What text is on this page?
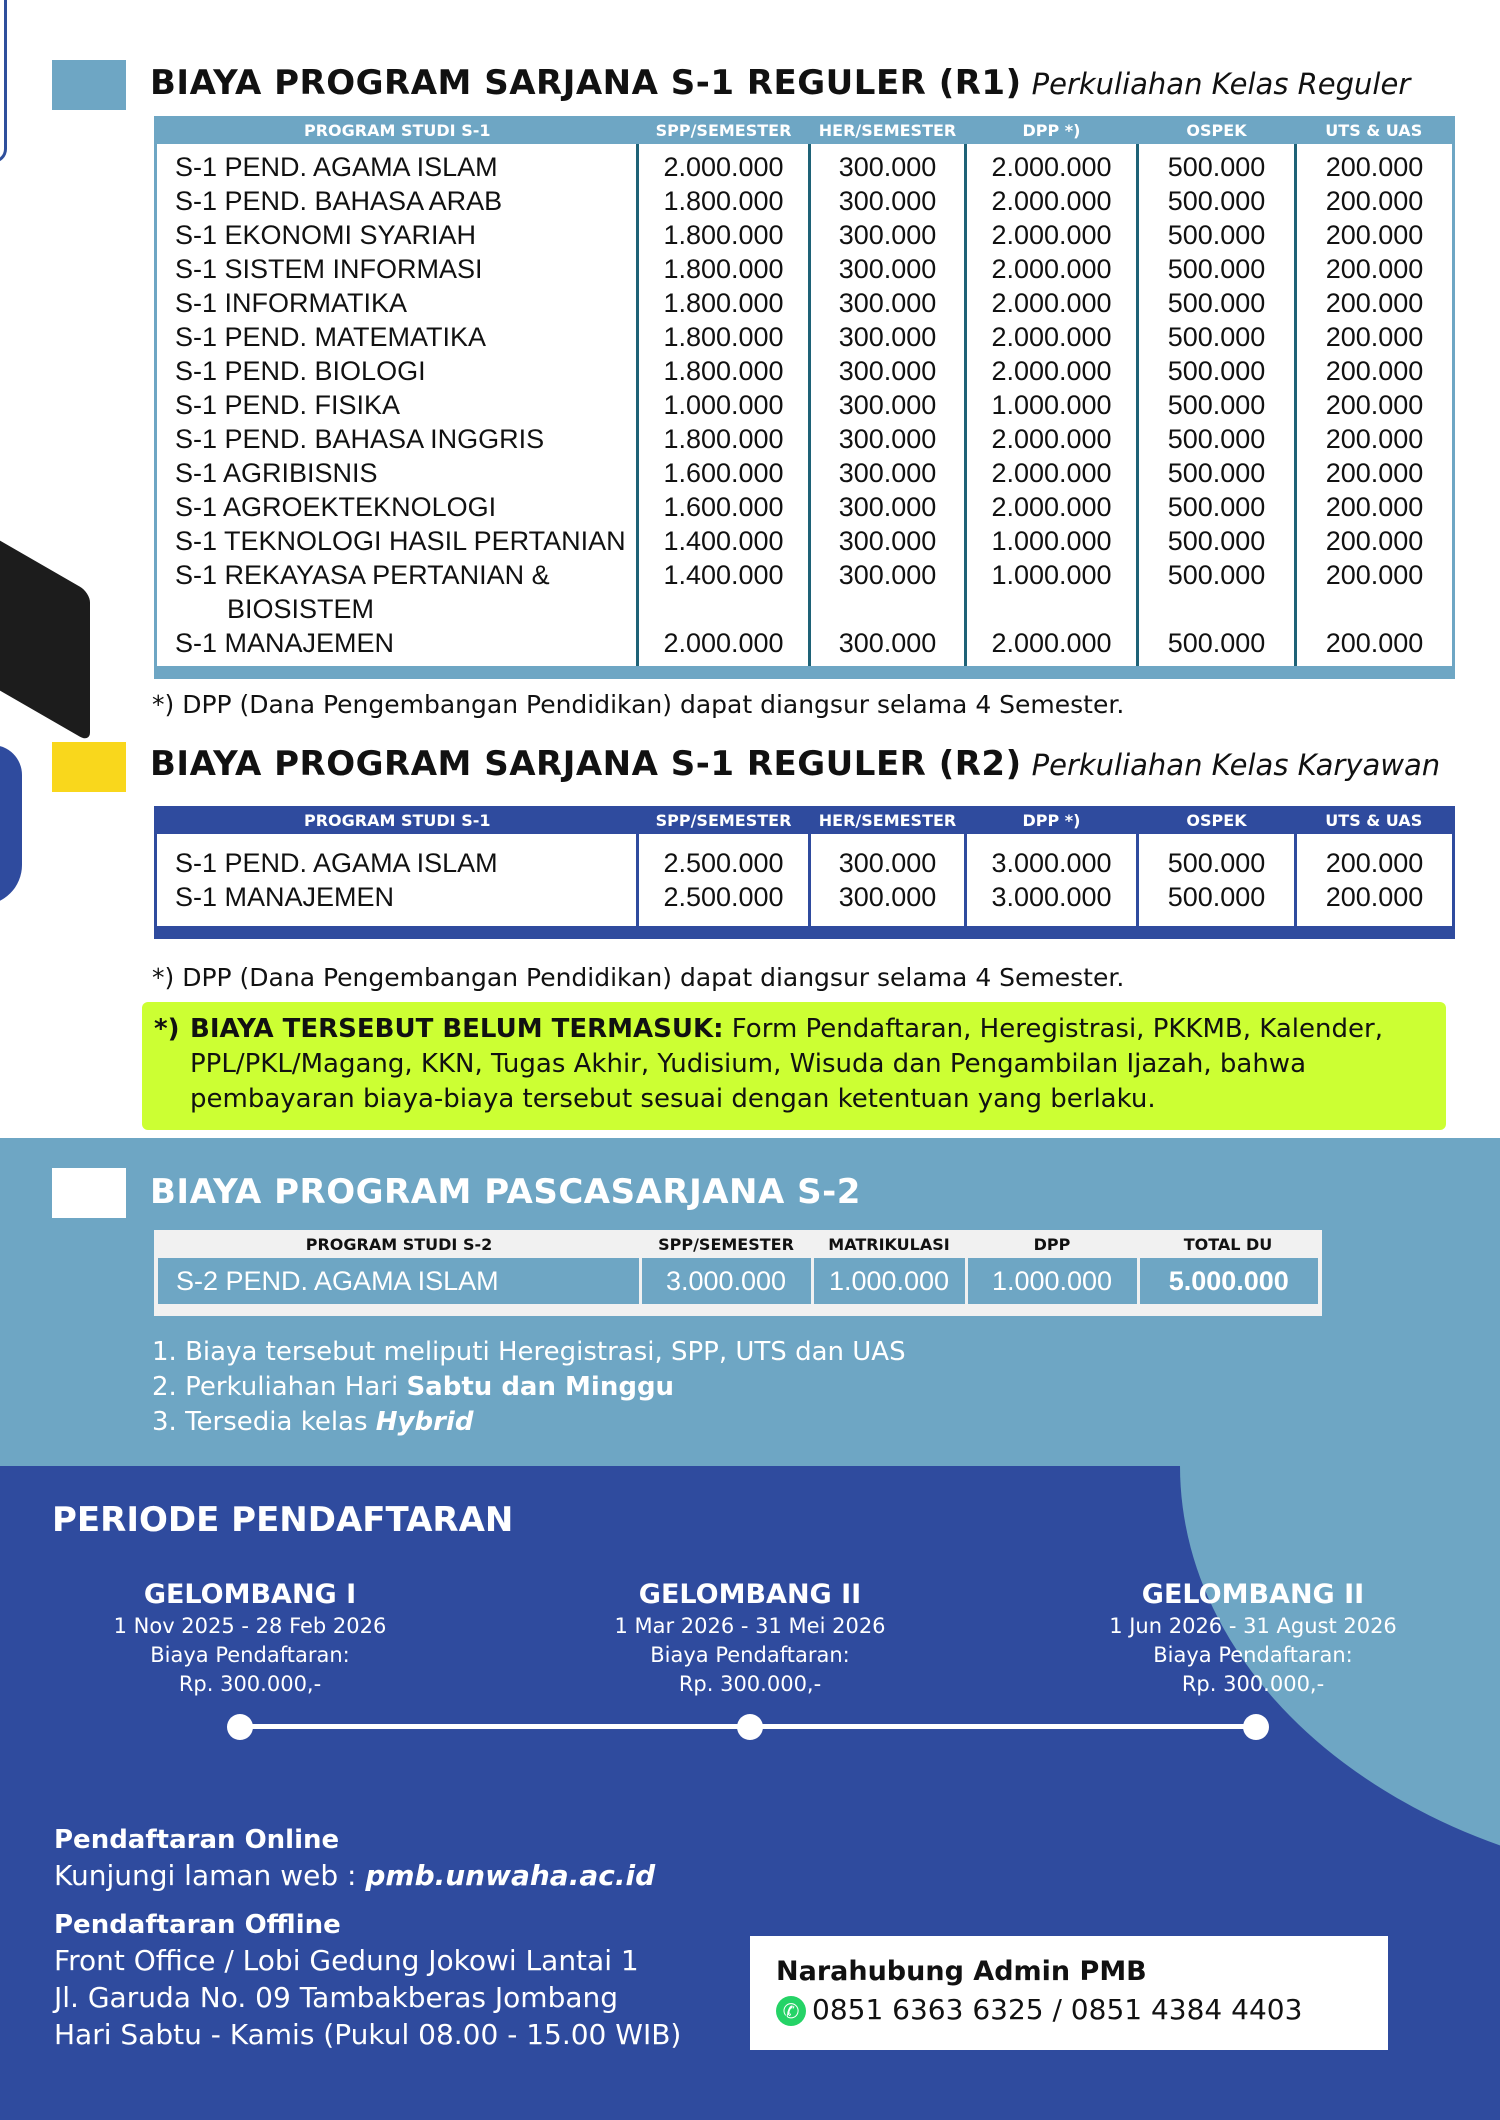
BIAYA PROGRAM SARJANA S-1 REGULER (R1) Perkuliahan Kelas Reguler
PROGRAM STUDI S-1	SPP/SEMESTER	HER/SEMESTER	DPP *)	OSPEK	UTS & UAS
S-1 PEND. AGAMA ISLAM	2.000.000	300.000	2.000.000	500.000	200.000
S-1 PEND. BAHASA ARAB	1.800.000	300.000	2.000.000	500.000	200.000
S-1 EKONOMI SYARIAH	1.800.000	300.000	2.000.000	500.000	200.000
S-1 SISTEM INFORMASI	1.800.000	300.000	2.000.000	500.000	200.000
S-1 INFORMATIKA	1.800.000	300.000	2.000.000	500.000	200.000
S-1 PEND. MATEMATIKA	1.800.000	300.000	2.000.000	500.000	200.000
S-1 PEND. BIOLOGI	1.800.000	300.000	2.000.000	500.000	200.000
S-1 PEND. FISIKA	1.000.000	300.000	1.000.000	500.000	200.000
S-1 PEND. BAHASA INGGRIS	1.800.000	300.000	2.000.000	500.000	200.000
S-1 AGRIBISNIS	1.600.000	300.000	2.000.000	500.000	200.000
S-1 AGROEKTEKNOLOGI	1.600.000	300.000	2.000.000	500.000	200.000
S-1 TEKNOLOGI HASIL PERTANIAN	1.400.000	300.000	1.000.000	500.000	200.000
S-1 REKAYASA PERTANIAN &
BIOSISTEM	1.400.000	300.000	1.000.000	500.000	200.000
S-1 MANAJEMEN	2.000.000	300.000	2.000.000	500.000	200.000

*) DPP (Dana Pengembangan Pendidikan) dapat diangsur selama 4 Semester.
BIAYA PROGRAM SARJANA S-1 REGULER (R2) Perkuliahan Kelas Karyawan
PROGRAM STUDI S-1	SPP/SEMESTER	HER/SEMESTER	DPP *)	OSPEK	UTS & UAS
S-1 PEND. AGAMA ISLAM	2.500.000	300.000	3.000.000	500.000	200.000
S-1 MANAJEMEN	2.500.000	300.000	3.000.000	500.000	200.000

*) DPP (Dana Pengembangan Pendidikan) dapat diangsur selama 4 Semester.
*) BIAYA TERSEBUT BELUM TERMASUK: Form Pendaftaran, Heregistrasi, PKKMB, Kalender, PPL/PKL/Magang, KKN, Tugas Akhir, Yudisium, Wisuda dan Pengambilan Ijazah, bahwa pembayaran biaya-biaya tersebut sesuai dengan ketentuan yang berlaku.
BIAYA PROGRAM PASCASARJANA S-2
PROGRAM STUDI S-2	SPP/SEMESTER	MATRIKULASI	DPP	TOTAL DU
S-2 PEND. AGAMA ISLAM	3.000.000	1.000.000	1.000.000	5.000.000

1. Biaya tersebut meliputi Heregistrasi, SPP, UTS dan UAS
2. Perkuliahan Hari Sabtu dan Minggu
3. Tersedia kelas Hybrid
PERIODE PENDAFTARAN
GELOMBANG I
1 Nov 2025 - 28 Feb 2026
Biaya Pendaftaran:
Rp. 300.000,-
GELOMBANG II
1 Mar 2026 - 31 Mei 2026
Biaya Pendaftaran:
Rp. 300.000,-
GELOMBANG II
1 Jun 2026 - 31 Agust 2026
Biaya Pendaftaran:
Rp. 300.000,-
Pendaftaran Online
Kunjungi laman web : pmb.unwaha.ac.id
Pendaftaran Offline
Front Office / Lobi Gedung Jokowi Lantai 1
Jl. Garuda No. 09 Tambakberas Jombang
Hari Sabtu - Kamis (Pukul 08.00 - 15.00 WIB)
Narahubung Admin PMB
✆ 0851 6363 6325 / 0851 4384 4403
